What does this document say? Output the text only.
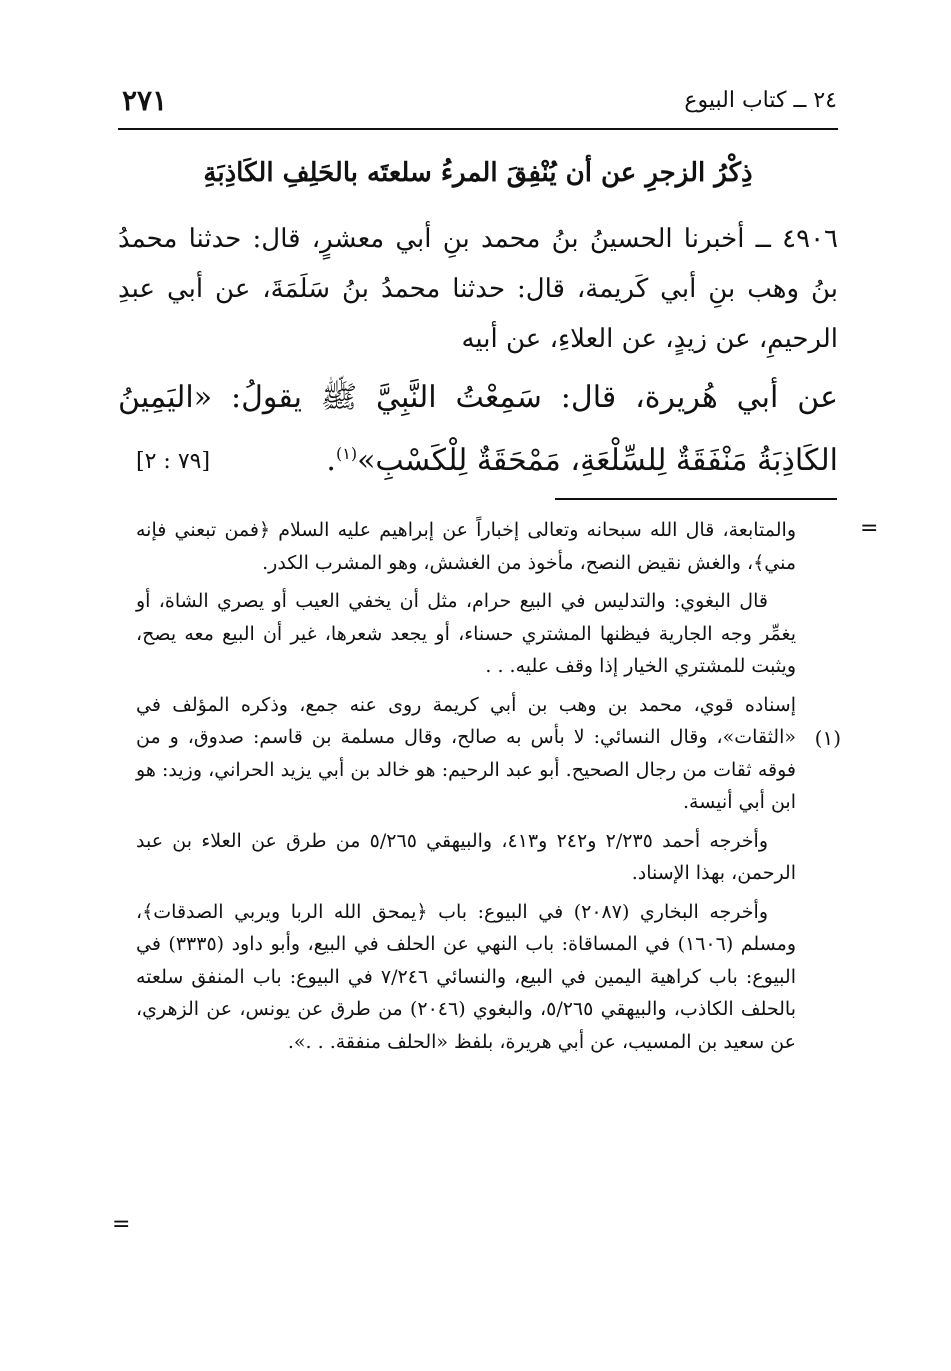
٢٤ ــ كتاب البيوع
٢٧١
ذِكْرُ الزجرِ عن أن يُنْفِقَ المرءُ سلعتَه بالحَلِفِ الكَاذِبَةِ

٤٩٠٦ ــ أخبرنا الحسينُ بنُ محمد بنِ أبي معشرٍ، قال: حدثنا محمدُ بنُ وهب بنِ أبي كَريمة، قال: حدثنا محمدُ بنُ سَلَمَةَ، عن أبي عبدِ الرحيمِ، عن زيدٍ، عن العلاءِ، عن أبيه

عن أبي هُريرة، قال: سَمِعْتُ النَّبِيَّ ﷺ يقولُ: «اليَمِينُ الكَاذِبَةُ مَنْفَقَةٌ لِلسِّلْعَةِ، مَمْحَقَةٌ لِلْكَسْبِ»$^{(١)}$.

[٧٩ : ٢]
=

والمتابعة، قال الله سبحانه وتعالى إخباراً عن إبراهيم عليه السلام ﴿فمن تبعني فإنه مني﴾، والغش نقيض النصح، مأخوذ من الغشش، وهو المشرب الكدر.

قال البغوي: والتدليس في البيع حرام، مثل أن يخفي العيب أو يصري الشاة، أو يغمِّر وجه الجارية فيظنها المشتري حسناء، أو يجعد شعرها، غير أن البيع معه يصح، ويثبت للمشتري الخيار إذا وقف عليه. . .

إسناده قوي، محمد بن وهب بن أبي كريمة روى عنه جمع، وذكره المؤلف في «الثقات»، وقال النسائي: لا بأس به صالح، وقال مسلمة بن قاسم: صدوق، و من فوقه ثقات من رجال الصحيح. أبو عبد الرحيم: هو خالد بن أبي يزيد الحراني، وزيد: هو ابن أبي أنيسة.

وأخرجه أحمد ٢/٢٣٥ و٢٤٢ و٤١٣، والبيهقي ٥/٢٦٥ من طرق عن العلاء بن عبد الرحمن، بهذا الإسناد.

وأخرجه البخاري (٢٠٨٧) في البيوع: باب ﴿يمحق الله الربا ويربي الصدقات﴾، ومسلم (١٦٠٦) في المساقاة: باب النهي عن الحلف في البيع، وأبو داود (٣٣٣٥) في البيوع: باب كراهية اليمين في البيع، والنسائي ٧/٢٤٦ في البيوع: باب المنفق سلعته بالحلف الكاذب، والبيهقي ٥/٢٦٥، والبغوي (٢٠٤٦) من طرق عن يونس، عن الزهري، عن سعيد بن المسيب، عن أبي هريرة، بلفظ «الحلف منفقة. . .».

(١)
=
